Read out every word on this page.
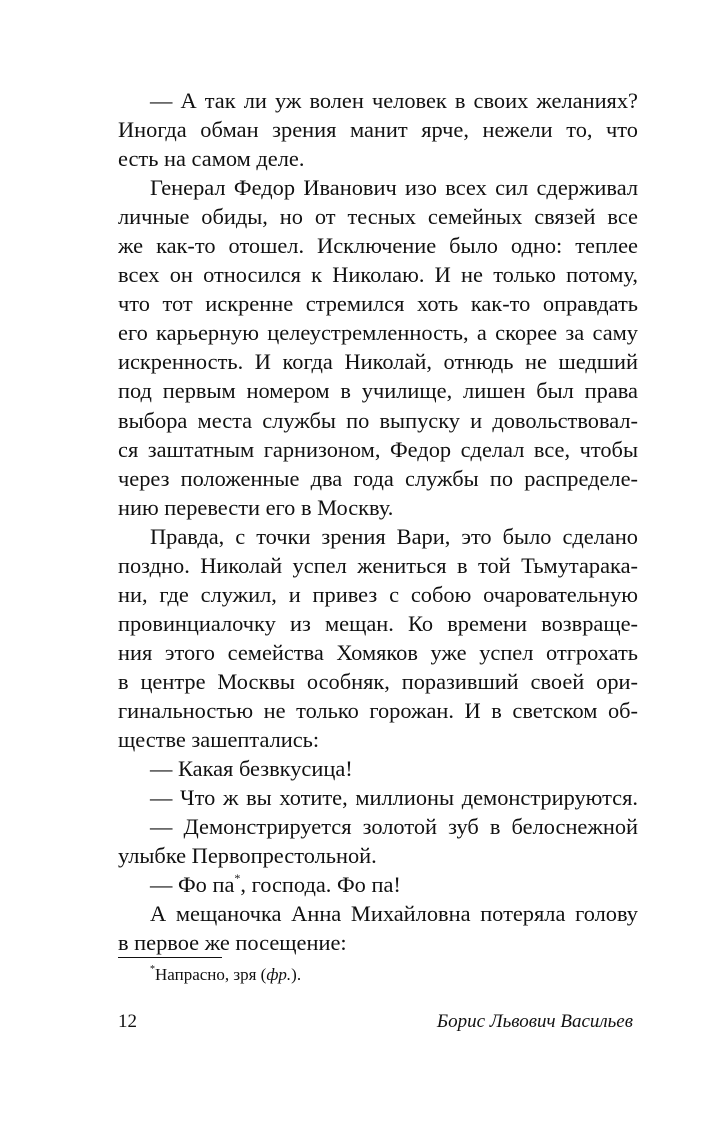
— А так ли уж волен человек в своих желаниях?
Иногда обман зрения манит ярче, нежели то, что
есть на самом деле.
Генерал Федор Иванович изо всех сил сдерживал
личные обиды, но от тесных семейных связей все
же как-то отошел. Исключение было одно: теплее
всех он относился к Николаю. И не только потому,
что тот искренне стремился хоть как-то оправдать
его карьерную целеустремленность, а скорее за саму
искренность. И когда Николай, отнюдь не шедший
под первым номером в училище, лишен был права
выбора места службы по выпуску и довольствовал-
ся заштатным гарнизоном, Федор сделал все, чтобы
через положенные два года службы по распределе-
нию перевести его в Москву.
Правда, с точки зрения Вари, это было сделано
поздно. Николай успел жениться в той Тьмутарака-
ни, где служил, и привез с собою очаровательную
провинциалочку из мещан. Ко времени возвраще-
ния этого семейства Хомяков уже успел отгрохать
в центре Москвы особняк, поразивший своей ори-
гинальностью не только горожан. И в светском об-
ществе зашептались:
— Какая безвкусица!
— Что ж вы хотите, миллионы демонстрируются.
— Демонстрируется золотой зуб в белоснежной
улыбке Первопрестольной.
— Фо па*, господа. Фо па!
А мещаночка Анна Михайловна потеряла голову
в первое же посещение:
*Напрасно, зря (фр.).
12	Борис Львович Васильев
